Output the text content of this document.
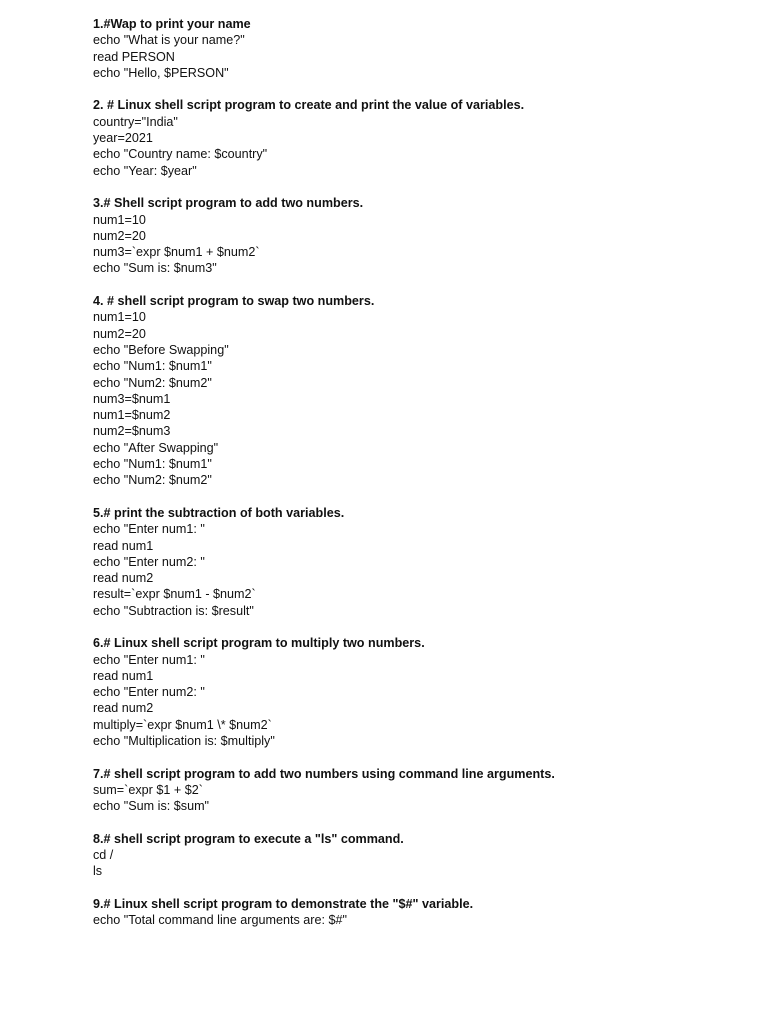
1.#Wap to print your name
echo "What is your name?"
read PERSON
echo "Hello, $PERSON"
2. # Linux shell script program to create and print the value of variables.
country="India"
year=2021
echo "Country name: $country"
echo "Year: $year"
3.# Shell script program to add two numbers.
num1=10
num2=20
num3=`expr $num1 + $num2`
echo "Sum is: $num3"
4. # shell script program to swap two numbers.
num1=10
num2=20
echo "Before Swapping"
echo "Num1: $num1"
echo "Num2: $num2"
num3=$num1
num1=$num2
num2=$num3
echo "After Swapping"
echo "Num1: $num1"
echo "Num2: $num2"
5.# print the subtraction of both variables.
echo "Enter num1: "
read num1
echo "Enter num2: "
read num2
result=`expr $num1 - $num2`
echo "Subtraction is: $result"
6.# Linux shell script program to multiply two numbers.
echo "Enter num1: "
read num1
echo "Enter num2: "
read num2
multiply=`expr $num1 \* $num2`
echo "Multiplication is: $multiply"
7.# shell script program to add two numbers using command line arguments.
sum=`expr $1 + $2`
echo "Sum is: $sum"
8.# shell script program to execute a "ls" command.
cd /
ls
9.# Linux shell script program to demonstrate the "$#" variable.
echo "Total command line arguments are: $#"
